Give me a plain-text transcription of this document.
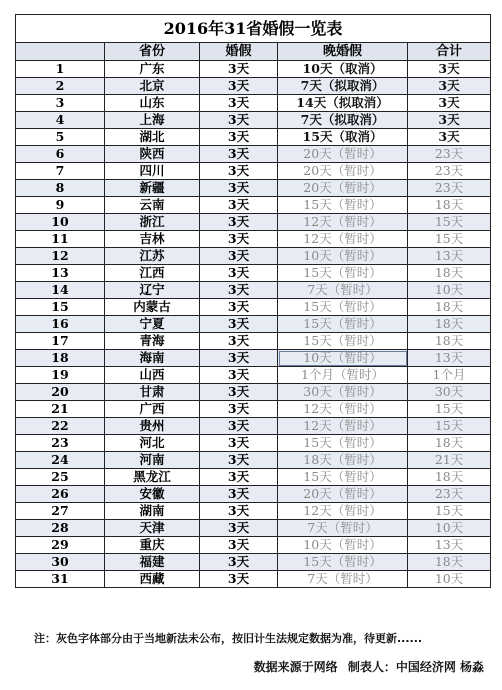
2016年31省婚假一览表				
	省份	婚假	晚婚假	合计
1	广东	3天	10天（取消）	3天
2	北京	3天	7天（拟取消）	3天
3	山东	3天	14天（拟取消）	3天
4	上海	3天	7天（拟取消）	3天
5	湖北	3天	15天（取消）	3天
6	陕西	3天	20天（暂时）	23天
7	四川	3天	20天（暂时）	23天
8	新疆	3天	20天（暂时）	23天
9	云南	3天	15天（暂时）	18天
10	浙江	3天	12天（暂时）	15天
11	吉林	3天	12天（暂时）	15天
12	江苏	3天	10天（暂时）	13天
13	江西	3天	15天（暂时）	18天
14	辽宁	3天	7天（暂时）	10天
15	内蒙古	3天	15天（暂时）	18天
16	宁夏	3天	15天（暂时）	18天
17	青海	3天	15天（暂时）	18天
18	海南	3天	10天（暂时）	13天
19	山西	3天	1个月（暂时）	1个月
20	甘肃	3天	30天（暂时）	30天
21	广西	3天	12天（暂时）	15天
22	贵州	3天	12天（暂时）	15天
23	河北	3天	15天（暂时）	18天
24	河南	3天	18天（暂时）	21天
25	黑龙江	3天	15天（暂时）	18天
26	安徽	3天	20天（暂时）	23天
27	湖南	3天	12天（暂时）	15天
28	天津	3天	7天（暂时）	10天
29	重庆	3天	10天（暂时）	13天
30	福建	3天	15天（暂时）	18天
31	西藏	3天	7天（暂时）	10天
注：灰色字体部分由于当地新法未公布，按旧计生法规定数据为准，待更新......
数据来源于网络 制表人：中国经济网 杨淼
